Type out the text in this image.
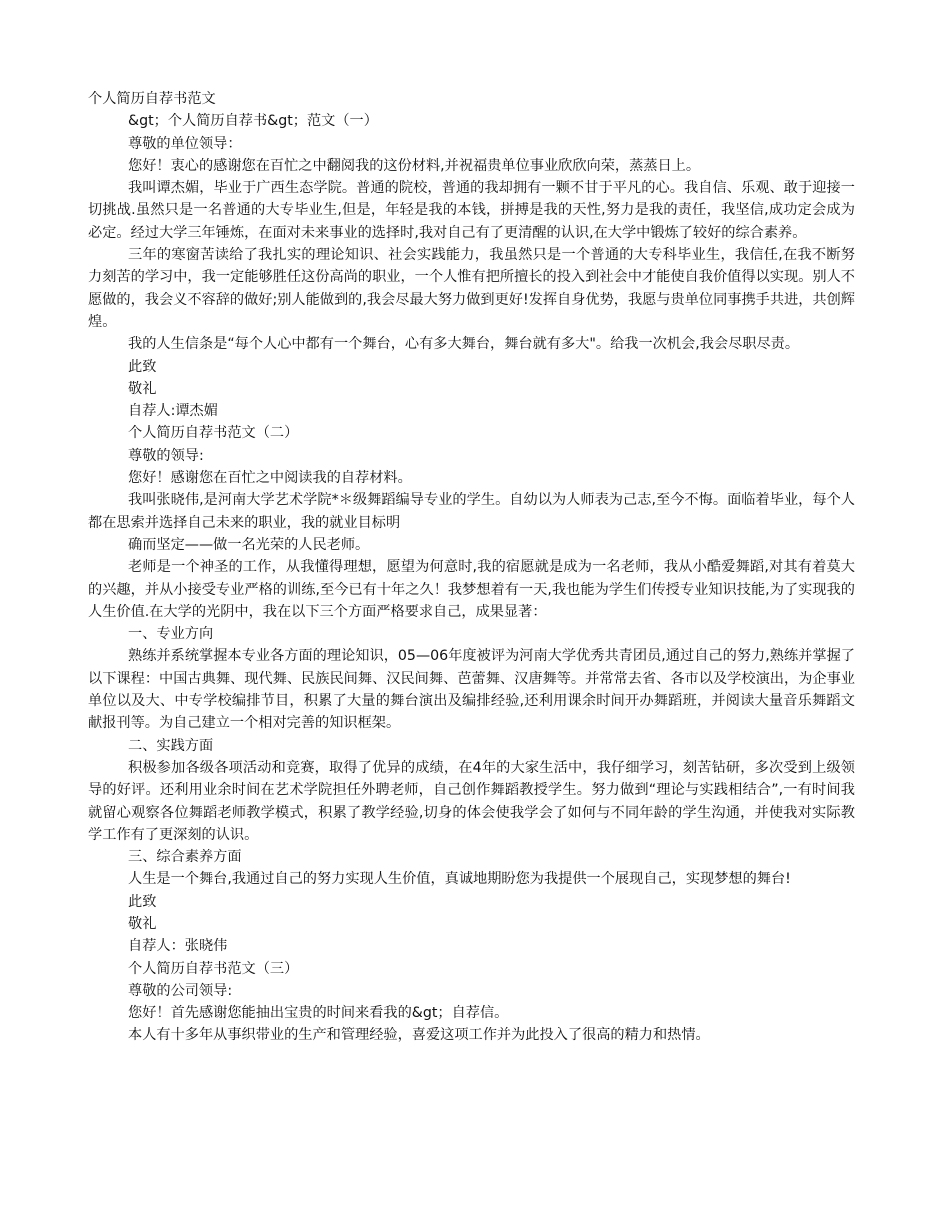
个人简历自荐书范文

&gt；个人简历自荐书&gt；范文（一）

尊敬的单位领导：

您好！衷心的感谢您在百忙之中翻阅我的这份材料,并祝福贵单位事业欣欣向荣，蒸蒸日上。

我叫谭杰媚，毕业于广西生态学院。普通的院校，普通的我却拥有一颗不甘于平凡的心。我自信、乐观、敢于迎接一切挑战.虽然只是一名普通的大专毕业生,但是，年轻是我的本钱，拼搏是我的天性,努力是我的责任，我坚信,成功定会成为必定。经过大学三年锤炼，在面对未来事业的选择时,我对自己有了更清醒的认识,在大学中锻炼了较好的综合素养。

三年的寒窗苦读给了我扎实的理论知识、社会实践能力，我虽然只是一个普通的大专科毕业生，我信任,在我不断努力刻苦的学习中，我一定能够胜任这份高尚的职业，一个人惟有把所擅长的投入到社会中才能使自我价值得以实现。别人不愿做的，我会义不容辞的做好;别人能做到的,我会尽最大努力做到更好!发挥自身优势，我愿与贵单位同事携手共进，共创辉煌。

我的人生信条是“每个人心中都有一个舞台，心有多大舞台，舞台就有多大"。给我一次机会,我会尽职尽责。

此致

敬礼

自荐人:谭杰媚

个人简历自荐书范文（二）

尊敬的领导:

您好！感谢您在百忙之中阅读我的自荐材料。

我叫张晓伟,是河南大学艺术学院*＊级舞蹈编导专业的学生。自幼以为人师表为己志,至今不悔。面临着毕业，每个人都在思索并选择自己未来的职业，我的就业目标明

确而坚定——做一名光荣的人民老师。

老师是一个神圣的工作，从我懂得理想，愿望为何意时,我的宿愿就是成为一名老师，我从小酷爱舞蹈,对其有着莫大的兴趣，并从小接受专业严格的训练,至今已有十年之久！我梦想着有一天,我也能为学生们传授专业知识技能,为了实现我的人生价值.在大学的光阴中，我在以下三个方面严格要求自己，成果显著：

一、专业方向

熟练并系统掌握本专业各方面的理论知识，05—06年度被评为河南大学优秀共青团员,通过自己的努力,熟练并掌握了以下课程：中国古典舞、现代舞、民族民间舞、汉民间舞、芭蕾舞、汉唐舞等。并常常去省、各市以及学校演出，为企事业单位以及大、中专学校编排节目，积累了大量的舞台演出及编排经验,还利用课余时间开办舞蹈班，并阅读大量音乐舞蹈文献报刊等。为自己建立一个相对完善的知识框架。

二、实践方面

积极参加各级各项活动和竞赛，取得了优异的成绩，在4年的大家生活中，我仔细学习，刻苦钻研，多次受到上级领导的好评。还利用业余时间在艺术学院担任外聘老师，自己创作舞蹈教授学生。努力做到“理论与实践相结合”,一有时间我就留心观察各位舞蹈老师教学模式，积累了教学经验,切身的体会使我学会了如何与不同年龄的学生沟通，并使我对实际教学工作有了更深刻的认识。

三、综合素养方面

人生是一个舞台,我通过自己的努力实现人生价值，真诚地期盼您为我提供一个展现自己，实现梦想的舞台!

此致

敬礼

自荐人：张晓伟

个人简历自荐书范文（三）

尊敬的公司领导:

您好！首先感谢您能抽出宝贵的时间来看我的&gt；自荐信。

本人有十多年从事织带业的生产和管理经验，喜爱这项工作并为此投入了很高的精力和热情。
